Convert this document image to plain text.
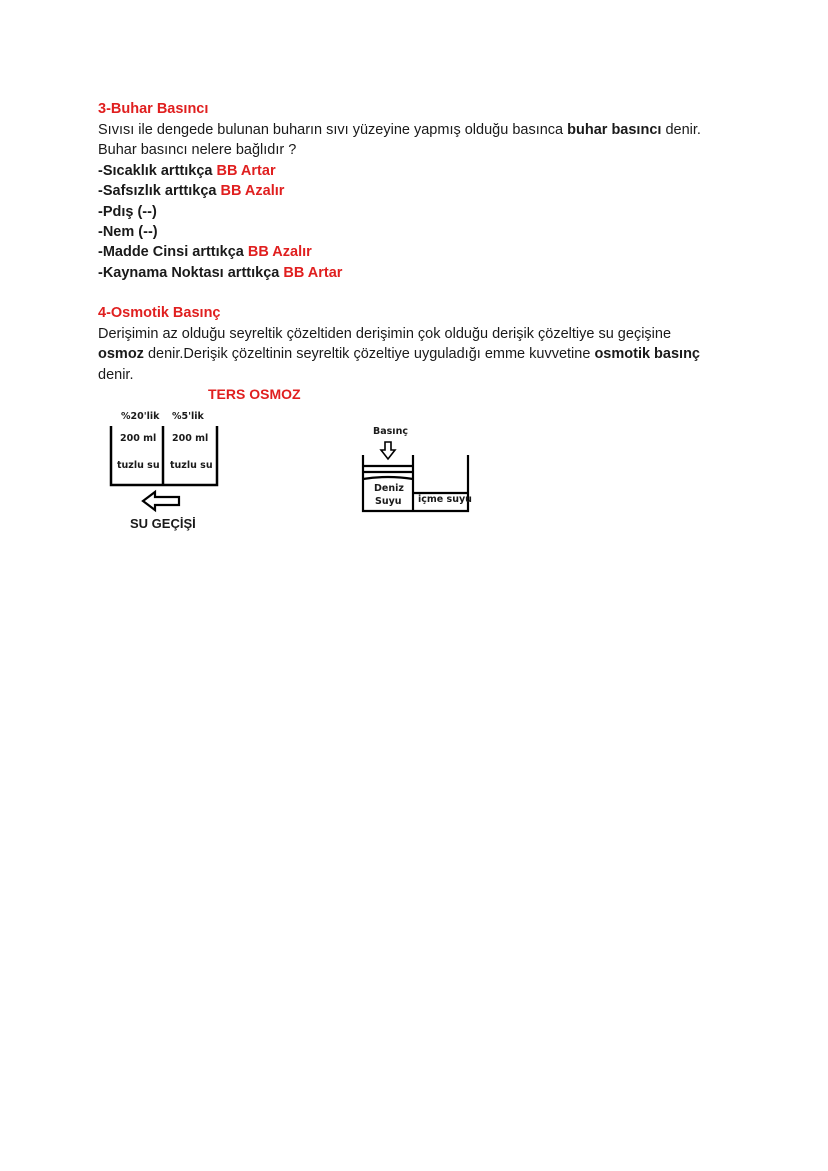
3-Buhar Basıncı
Sıvısı ile dengede bulunan buharın sıvı yüzeyine yapmış olduğu basınca buhar basıncı denir.
Buhar basıncı nelere bağlıdır ?
-Sıcaklık arttıkça BB Artar
-Safsızlık arttıkça BB Azalır
-Pdış (--)
-Nem (--)
-Madde Cinsi arttıkça BB Azalır
-Kaynama Noktası arttıkça BB Artar
4-Osmotik Basınç
Derişimin az olduğu seyreltik çözeltiden derişimin çok olduğu derişik çözeltiye su geçişine
osmoz denir.Derişik çözeltinin seyreltik çözeltiye uyguladığı emme kuvvetine osmotik basınç
denir.
TERS OSMOZ
%20'lik %5'lik
200 ml 200 ml
tuzlu su tuzlu su
SU GEÇİŞİ
Basınç
Deniz
Suyu içme suyu
